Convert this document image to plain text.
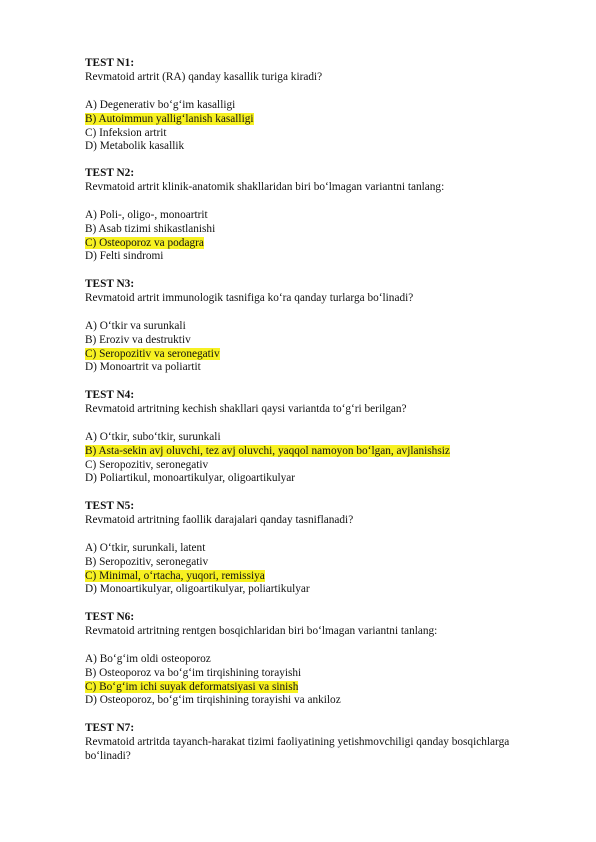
TEST N1:
Revmatoid artrit (RA) qanday kasallik turiga kiradi?
A) Degenerativ bo‘g‘im kasalligi
B) Autoimmun yallig‘lanish kasalligi
C) Infeksion artrit
D) Metabolik kasallik
TEST N2:
Revmatoid artrit klinik-anatomik shakllaridan biri bo‘lmagan variantni tanlang:
A) Poli-, oligo-, monoartrit
B) Asab tizimi shikastlanishi
C) Osteoporoz va podagra
D) Felti sindromi
TEST N3:
Revmatoid artrit immunologik tasnifiga ko‘ra qanday turlarga bo‘linadi?
A) O‘tkir va surunkali
B) Eroziv va destruktiv
C) Seropozitiv va seronegativ
D) Monoartrit va poliartit
TEST N4:
Revmatoid artritning kechish shakllari qaysi variantda to‘g‘ri berilgan?
A) O‘tkir, subo‘tkir, surunkali
B) Asta-sekin avj oluvchi, tez avj oluvchi, yaqqol namoyon bo‘lgan, avjlanishsiz
C) Seropozitiv, seronegativ
D) Poliartikul, monoartikulyar, oligoartikulyar
TEST N5:
Revmatoid artritning faollik darajalari qanday tasniflanadi?
A) O‘tkir, surunkali, latent
B) Seropozitiv, seronegativ
C) Minimal, o‘rtacha, yuqori, remissiya
D) Monoartikulyar, oligoartikulyar, poliartikulyar
TEST N6:
Revmatoid artritning rentgen bosqichlaridan biri bo‘lmagan variantni tanlang:
A) Bo‘g‘im oldi osteoporoz
B) Osteoporoz va bo‘g‘im tirqishining torayishi
C) Bo‘g‘im ichi suyak deformatsiyasi va sinish
D) Osteoporoz, bo‘g‘im tirqishining torayishi va ankiloz
TEST N7:
Revmatoid artritda tayanch-harakat tizimi faoliyatining yetishmovchiligi qanday bosqichlarga bo‘linadi?
